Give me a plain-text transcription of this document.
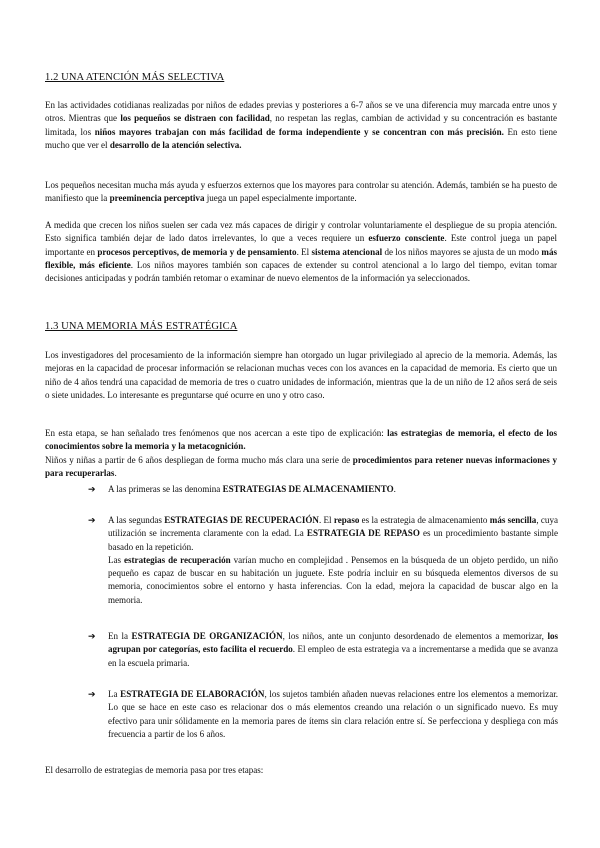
1.2 UNA ATENCIÓN MÁS SELECTIVA

En las actividades cotidianas realizadas por niños de edades previas y posteriores a 6-7 años se ve una diferencia muy marcada entre unos y otros. Mientras que los pequeños se distraen con facilidad, no respetan las reglas, cambian de actividad y su concentración es bastante limitada, los niños mayores trabajan con más facilidad de forma independiente y se concentran con más precisión. En esto tiene mucho que ver el desarrollo de la atención selectiva.

Los pequeños necesitan mucha más ayuda y esfuerzos externos que los mayores para controlar su atención. Además, también se ha puesto de manifiesto que la preeminencia perceptiva juega un papel especialmente importante.

A medida que crecen los niños suelen ser cada vez más capaces de dirigir y controlar voluntariamente el despliegue de su propia atención. Esto significa también dejar de lado datos irrelevantes, lo que a veces requiere un esfuerzo consciente. Este control juega un papel importante en procesos perceptivos, de memoria y de pensamiento. El sistema atencional de los niños mayores se ajusta de un modo más flexible, más eficiente. Los niños mayores también son capaces de extender su control atencional a lo largo del tiempo, evitan tomar decisiones anticipadas y podrán también retomar o examinar de nuevo elementos de la información ya seleccionados.

1.3 UNA MEMORIA MÁS ESTRATÉGICA

Los investigadores del procesamiento de la información siempre han otorgado un lugar privilegiado al aprecio de la memoria. Además, las mejoras en la capacidad de procesar información se relacionan muchas veces con los avances en la capacidad de memoria. Es cierto que un niño de 4 años tendrá una capacidad de memoria de tres o cuatro unidades de información, mientras que la de un niño de 12 años será de seis o siete unidades. Lo interesante es preguntarse qué ocurre en uno y otro caso.

En esta etapa, se han señalado tres fenómenos que nos acercan a este tipo de explicación: las estrategias de memoria, el efecto de los conocimientos sobre la memoria y la metacognición.

Niños y niñas a partir de 6 años despliegan de forma mucho más clara una serie de procedimientos para retener nuevas informaciones y para recuperarlas.

➔ A las primeras se las denomina ESTRATEGIAS DE ALMACENAMIENTO.
➔ A las segundas ESTRATEGIAS DE RECUPERACIÓN. El repaso es la estrategia de almacenamiento más sencilla, cuya utilización se incrementa claramente con la edad. La ESTRATEGIA DE REPASO es un procedimiento bastante simple basado en la repetición.
Las estrategias de recuperación varían mucho en complejidad . Pensemos en la búsqueda de un objeto perdido, un niño pequeño es capaz de buscar en su habitación un juguete. Este podría incluir en su búsqueda elementos diversos de su memoria, conocimientos sobre el entorno y hasta inferencias. Con la edad, mejora la capacidad de buscar algo en la memoria.
➔ En la ESTRATEGIA DE ORGANIZACIÓN, los niños, ante un conjunto desordenado de elementos a memorizar, los agrupan por categorías, esto facilita el recuerdo. El empleo de esta estrategia va a incrementarse a medida que se avanza en la escuela primaria.
➔ La ESTRATEGIA DE ELABORACIÓN, los sujetos también añaden nuevas relaciones entre los elementos a memorizar. Lo que se hace en este caso es relacionar dos o más elementos creando una relación o un significado nuevo. Es muy efectivo para unir sólidamente en la memoria pares de ítems sin clara relación entre sí. Se perfecciona y despliega con más frecuencia a partir de los 6 años.

El desarrollo de estrategias de memoria pasa por tres etapas:
